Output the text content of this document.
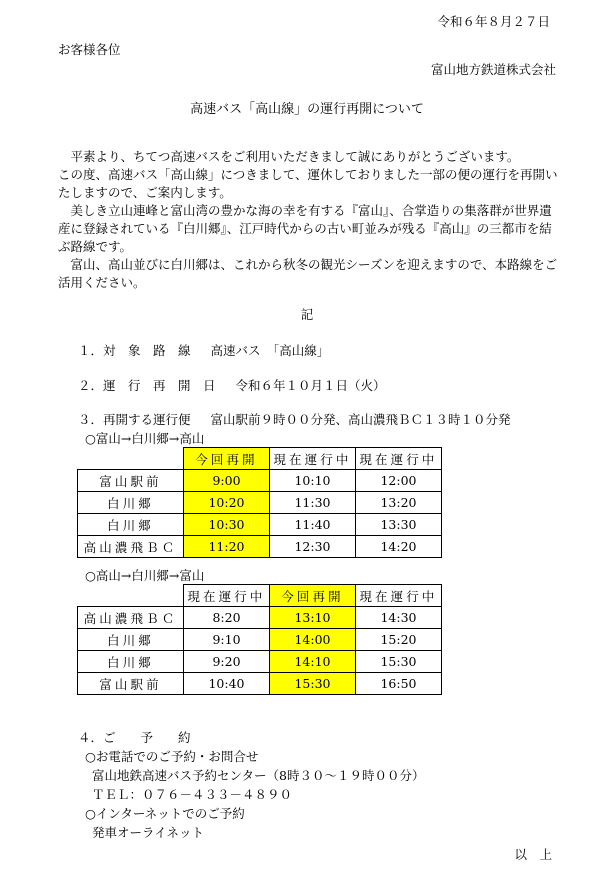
令和６年８月２７日
お客様各位
富山地方鉄道株式会社
高速バス「高山線」の運行再開について

　平素より、ちてつ高速バスをご利用いただきまして誠にありがとうございます。

この度、高速バス「高山線」につきまして、運休しておりました一部の便の運行を再開いたしますので、ご案内します。

　美しき立山連峰と富山湾の豊かな海の幸を有する『富山』、合掌造りの集落群が世界遺産に登録されている『白川郷』、江戸時代からの古い町並みが残る『高山』の三都市を結ぶ路線です。

　富山、高山並びに白川郷は、これから秋冬の観光シーズンを迎えますので、本路線をご活用ください。

記
１．対　象　路　線 高速バス　「高山線」
２．運　行　再　開　日 令和６年１０月１日（火）
３．再開する運行便 富山駅前９時００分発、高山濃飛ＢＣ１３時１０分発
○富山→白川郷→高山
	今回再開	現在運行中	現在運行中
富山駅前	9:00	10:10	12:00
白川郷	10:20	11:30	13:20
白川郷	10:30	11:40	13:30
高山濃飛ＢＣ	11:20	12:30	14:20
○高山→白川郷→富山
	現在運行中	今回再開	現在運行中
高山濃飛ＢＣ	8:20	13:10	14:30
白川郷	9:10	14:00	15:20
白川郷	9:20	14:10	15:30
富山駅前	10:40	15:30	16:50
４．ご　　予　　約
○お電話でのご予約・お問合せ
富山地鉄高速バス予約センター（8時３０～１９時００分）
ＴＥＬ：０７６－４３３－４８９０
○インターネットでのご予約
発車オーライネット
以　上
